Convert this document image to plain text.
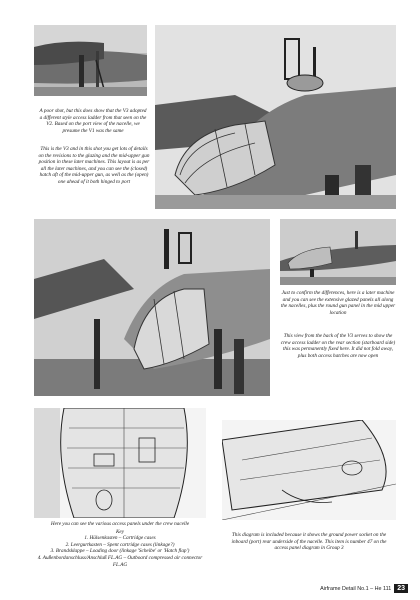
A poor shot, but this does show that the V3 adopted a different style access ladder from that seen on the V2. Based on the port view of the nacelle, we presume the V1 was the same

This is the V3 and in this shot you get lots of details on the revisions to the glazing and the mid-upper gun position in these later machines. This layout is as per all the later machines, and you can see the (closed) hatch aft of the mid-upper gun, as well as the (open) one ahead of it both hinged to port

Just to confirm the differences, here is a later machine and you can see the extensive glazed panels all along the nacelles, plus the round gun panel in the mid upper location

This view from the back of the V3 serves to show the crew access ladder on the rear section (starboard side) this was permanently fixed here. It did not fold away, plus both access hatches are now open

Here you can see the various access panels under the crew nacelle

Key

1. Hülsenkasten – Cartridge cases
2. Leergurtkasten – Spent cartridge cases (linkage?)
3. Brandsklappe – Loading door (linkage 'Scheibe' or 'Hatch flap')
4. Außenbordanschluss/Anschluß FL.AG – Outboard compressed air connector FL.AG

This diagram is included because it shows the ground power socket on the inboard (port) rear underside of the nacelle. This item is number 47 on the access panel diagram in Group 3

Airframe Detail No.1 – He 111 23
